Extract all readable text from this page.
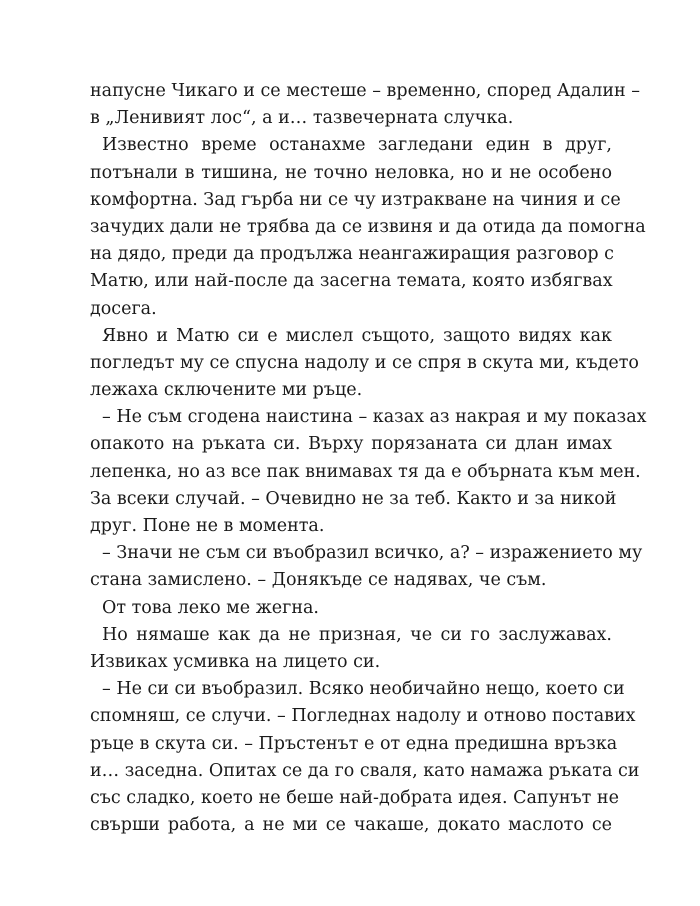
напусне Чикаго и се местеше – временно, според Адалин –
в „Ленивият лос“, а и… тазвечерната случка.
Известно време останахме загледани един в друг,
потънали в тишина, не точно неловка, но и не особено
комфортна. Зад гърба ни се чу изтракване на чиния и се
зачудих дали не трябва да се извиня и да отида да помогна
на дядо, преди да продължа неангажиращия разговор с
Матю, или най-после да засегна темата, която избягвах
досега.
Явно и Матю си е мислел същото, защото видях как
погледът му се спусна надолу и се спря в скута ми, където
лежаха сключените ми ръце.
– Не съм сгодена наистина – казах аз накрая и му показах
опакото на ръката си. Върху порязаната си длан имах
лепенка, но аз все пак внимавах тя да е обърната към мен.
За всеки случай. – Очевидно не за теб. Както и за никой
друг. Поне не в момента.
– Значи не съм си въобразил всичко, а? – изражението му
стана замислено. – Донякъде се надявах, че съм.
От това леко ме жегна.
Но нямаше как да не призная, че си го заслужавах.
Извиках усмивка на лицето си.
– Не си си въобразил. Всяко необичайно нещо, което си
спомняш, се случи. – Погледнах надолу и отново поставих
ръце в скута си. – Пръстенът е от една предишна връзка
и… заседна. Опитах се да го сваля, като намажа ръката си
със сладко, което не беше най-добрата идея. Сапунът не
свърши работа, а не ми се чакаше, докато маслото се
